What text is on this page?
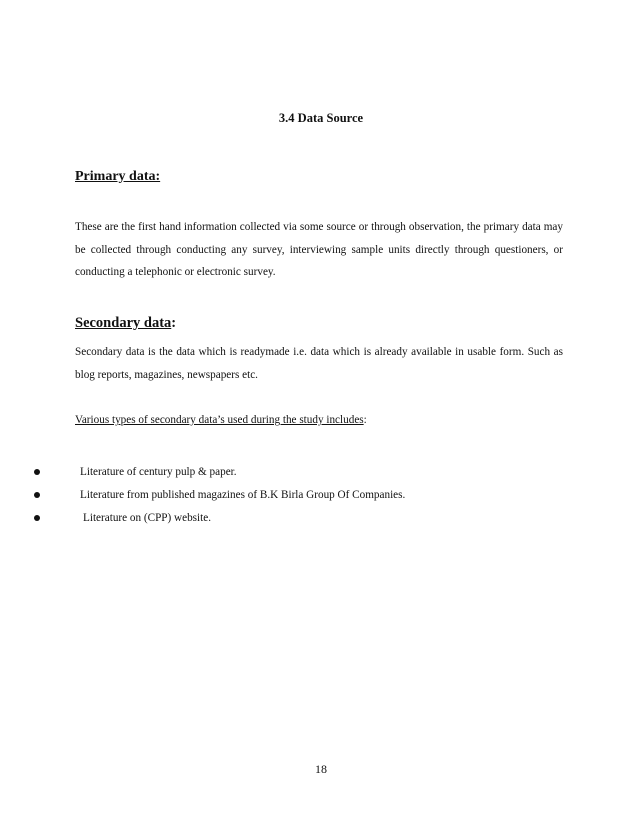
3.4 Data Source
Primary data:

These are the first hand information collected via some source or through observation, the primary data may be collected through conducting any survey, interviewing sample units directly through questioners, or conducting a telephonic or electronic survey.

Secondary data:

Secondary data is the data which is readymade i.e. data which is already available in usable form. Such as blog reports, magazines, newspapers etc.

Various types of secondary data’s used during the study includes:
Literature of century pulp & paper.
Literature from published magazines of B.K Birla Group Of Companies.
Literature on (CPP) website.
18
